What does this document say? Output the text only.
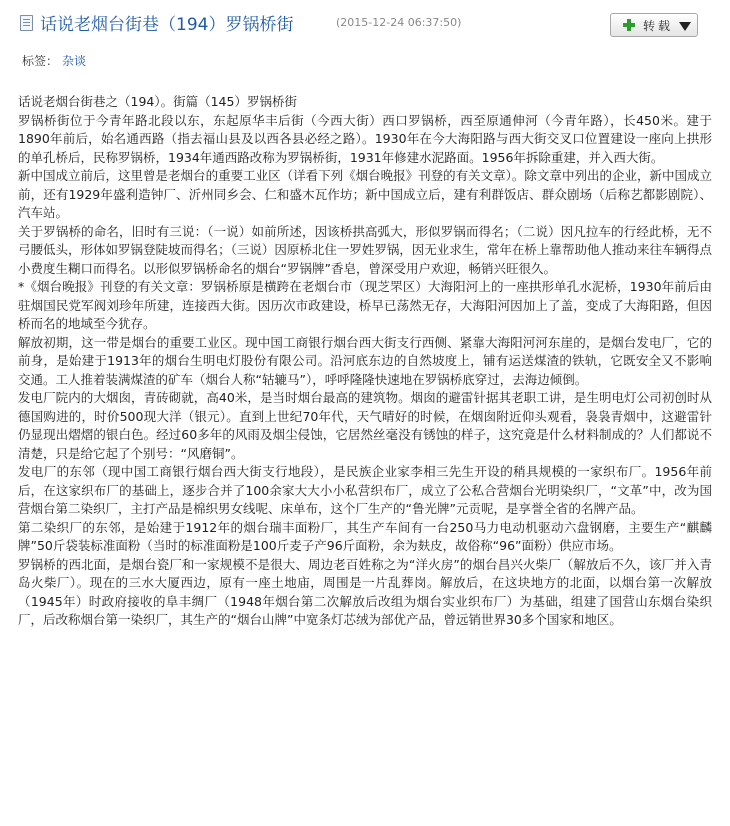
话说老烟台街巷（194）罗锅桥街	(2015-12-24 06:37:50)	转载
标签： 杂谈

话说老烟台街巷之（194）。街篇（145）罗锅桥街

罗锅桥街位于今青年路北段以东，东起原华丰后街（今西大街）西口罗锅桥，西至原通伸河（今青年路），长450米。建于1890年前后，始名通西路（指去福山县及以西各县必经之路）。1930年在今大海阳路与西大街交叉口位置建设一座向上拱形的单孔桥后，民称罗锅桥，1934年通西路改称为罗锅桥街，1931年修建水泥路面。1956年拆除重建，并入西大街。

新中国成立前后，这里曾是老烟台的重要工业区（详看下列《烟台晚报》刊登的有关文章）。除文章中列出的企业，新中国成立前，还有1929年盛利造钟厂、沂州同乡会、仁和盛木瓦作坊；新中国成立后，建有利群饭店、群众剧场（后称艺都影剧院）、汽车站。

关于罗锅桥的命名，旧时有三说：（一说）如前所述，因该桥拱高弧大，形似罗锅而得名；（二说）因凡拉车的行经此桥，无不弓腰低头，形体如罗锅登陡坡而得名；（三说）因原桥北住一罗姓罗锅，因无业求生，常年在桥上靠帮助他人推动来往车辆得点小费度生糊口而得名。以形似罗锅桥命名的烟台“罗锅牌”香皂，曾深受用户欢迎，畅销兴旺很久。

*《烟台晚报》刊登的有关文章：罗锅桥原是横跨在老烟台市（现芝罘区）大海阳河上的一座拱形单孔水泥桥，1930年前后由驻烟国民党军阀刘珍年所建，连接西大街。因历次市政建设，桥早已荡然无存，大海阳河因加上了盖，变成了大海阳路，但因桥而名的地域至今犹存。

解放初期，这一带是烟台的重要工业区。现中国工商银行烟台西大街支行西侧、紧靠大海阳河河东崖的，是烟台发电厂，它的前身，是始建于1913年的烟台生明电灯股份有限公司。沿河底东边的自然坡度上，铺有运送煤渣的铁轨，它既安全又不影响交通。工人推着装满煤渣的矿车（烟台人称“轱辘马”），呼呼隆隆快速地在罗锅桥底穿过，去海边倾倒。

发电厂院内的大烟囱，青砖砌就，高40米，是当时烟台最高的建筑物。烟囱的避雷针据其老职工讲，是生明电灯公司初创时从德国购进的，时价500现大洋（银元）。直到上世纪70年代，天气晴好的时候，在烟囱附近仰头观看，袅袅青烟中，这避雷针仍显现出熠熠的银白色。经过60多年的风雨及烟尘侵蚀，它居然丝毫没有锈蚀的样子，这究竟是什么材料制成的？人们都说不清楚，只是给它起了个别号：“风磨铜”。

发电厂的东邻（现中国工商银行烟台西大街支行地段），是民族企业家李相三先生开设的稍具规模的一家织布厂。1956年前后，在这家织布厂的基础上，逐步合并了100余家大大小小私营织布厂，成立了公私合营烟台光明染织厂，“文革”中，改为国营烟台第二染织厂，主打产品是棉织男女线呢、床单布，这个厂生产的“鲁光牌”元贡呢，是享誉全省的名牌产品。

第二染织厂的东邻，是始建于1912年的烟台瑞丰面粉厂，其生产车间有一台250马力电动机驱动六盘钢磨，主要生产“麒麟牌”50斤袋装标准面粉（当时的标准面粉是100斤麦子产96斤面粉，余为麸皮，故俗称“96”面粉）供应市场。

罗锅桥的西北面，是烟台瓷厂和一家规模不是很大、周边老百姓称之为“洋火房”的烟台昌兴火柴厂（解放后不久，该厂并入青岛火柴厂）。现在的三水大厦西边，原有一座土地庙，周围是一片乱葬岗。解放后，在这块地方的北面，以烟台第一次解放（1945年）时政府接收的阜丰绸厂（1948年烟台第二次解放后改组为烟台实业织布厂）为基础，组建了国营山东烟台染织厂，后改称烟台第一染织厂，其生产的“烟台山牌”中宽条灯芯绒为部优产品，曾远销世界30多个国家和地区。
